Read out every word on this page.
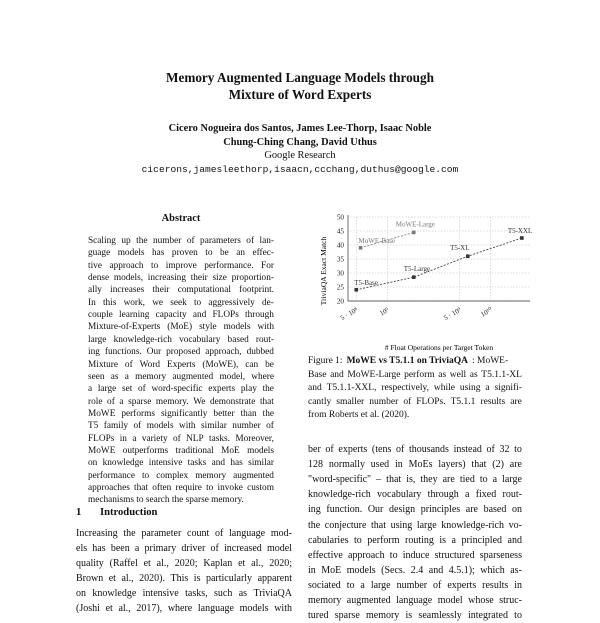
Memory Augmented Language Models through
Mixture of Word Experts
Cicero Nogueira dos Santos, James Lee-Thorp, Isaac Noble
Chung-Ching Chang, David Uthus
Google Research
cicerons,jamesleethorp,isaacn,ccchang,duthus@google.com
Abstract
Scaling up the number of parameters of lan-
guage models has proven to be an effec-
tive approach to improve performance. For
dense models, increasing their size proportion-
ally increases their computational footprint.
In this work, we seek to aggressively de-
couple learning capacity and FLOPs through
Mixture-of-Experts (MoE) style models with
large knowledge-rich vocabulary based rout-
ing functions. Our proposed approach, dubbed
Mixture of Word Experts (MoWE), can be
seen as a memory augmented model, where
a large set of word-specific experts play the
role of a sparse memory. We demonstrate that
MoWE performs significantly better than the
T5 family of models with similar number of
FLOPs in a variety of NLP tasks. Moreover,
MoWE outperforms traditional MoE models
on knowledge intensive tasks and has similar
performance to complex memory augmented
approaches that often require to invoke custom
mechanisms to search the sparse memory.
1 Introduction
Increasing the parameter count of language mod-
els has been a primary driver of increased model
quality (Raffel et al., 2020; Kaplan et al., 2020;
Brown et al., 2020). This is particularly apparent
on knowledge intensive tasks, such as TriviaQA
(Joshi et al., 2017), where language models with
20
25
30
35
40
45
50
5 · 10⁸	10⁹	5 · 10⁹ 10¹⁰
MoWE-Base
MoWE-Large
T5-Base
T5-Large
T5-XL
T5-XXL
TriviaQA Exact Match
# Float Operations per Target Token
Figure 1: MoWE vs T5.1.1 on TriviaQA : MoWE-
Base and MoWE-Large perform as well as T5.1.1-XL
and T5.1.1-XXL, respectively, while using a signifi-
cantly smaller number of FLOPs. T5.1.1 results are
from Roberts et al. (2020).
ber of experts (tens of thousands instead of 32 to
128 normally used in MoEs layers) that (2) are
"word-specific" – that is, they are tied to a large
knowledge-rich vocabulary through a fixed rout-
ing function. Our design principles are based on
the conjecture that using large knowledge-rich vo-
cabularies to perform routing is a principled and
effective approach to induce structured sparseness
in MoE models (Secs. 2.4 and 4.5.1); which as-
sociated to a large number of experts results in
memory augmented language model whose struc-
tured sparse memory is seamlessly integrated to
